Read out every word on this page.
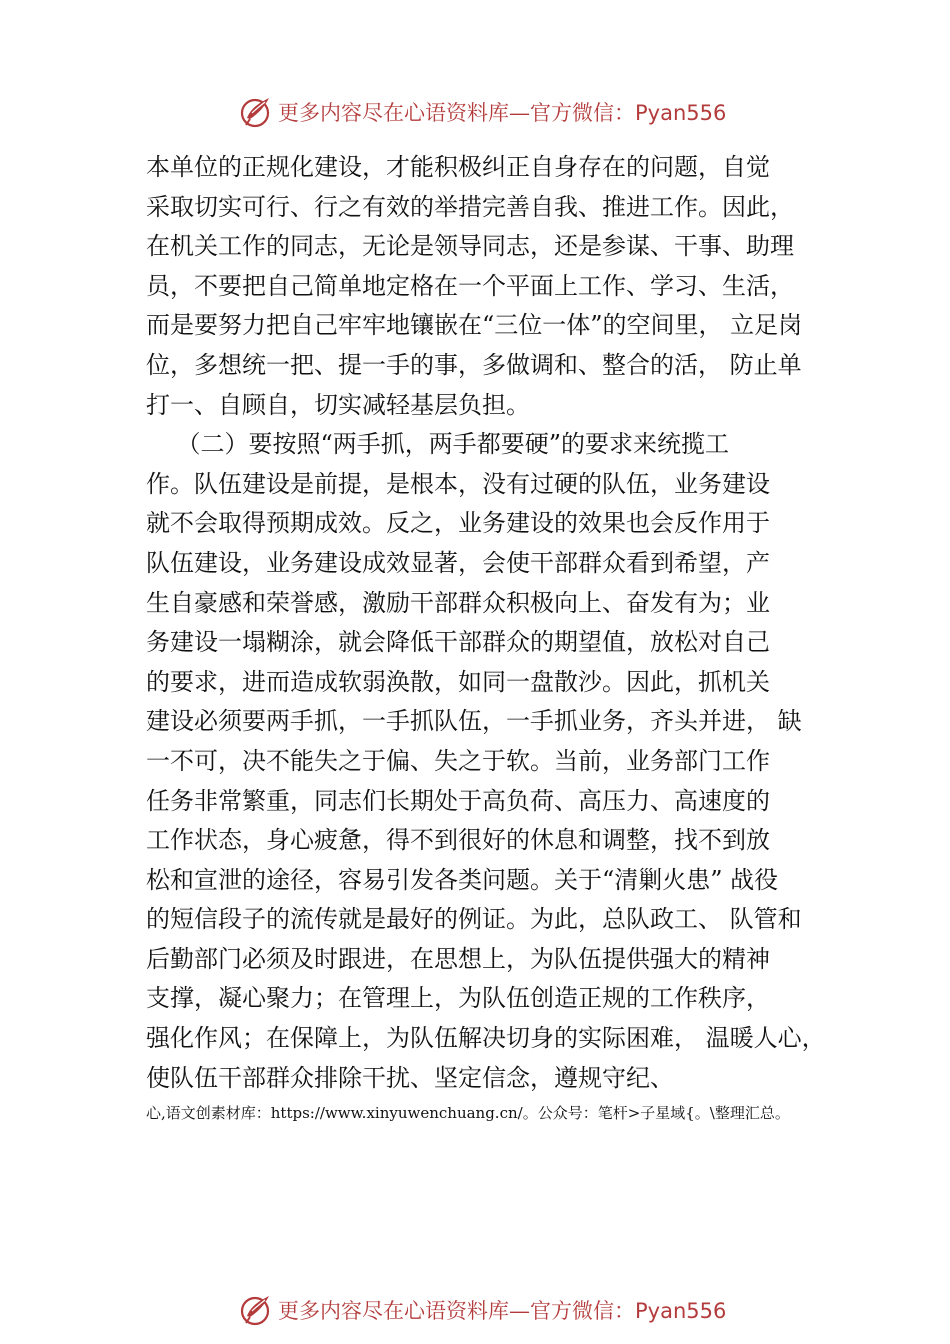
更多内容尽在心语资料库—官方微信：Pyan556
本单位的正规化建设，才能积极纠正自身存在的问题，自觉
采取切实可行、行之有效的举措完善自我、推进工作。因此，
在机关工作的同志，无论是领导同志，还是参谋、干事、助理
员，不要把自己简单地定格在一个平面上工作、学习、生活，
而是要努力把自己牢牢地镶嵌在“三位一体”的空间里， 立足岗
位，多想统一把、提一手的事，多做调和、整合的活， 防止单
打一、自顾自，切实减轻基层负担。
（二）要按照“两手抓，两手都要硬”的要求来统揽工
作。队伍建设是前提，是根本，没有过硬的队伍，业务建设
就不会取得预期成效。反之，业务建设的效果也会反作用于
队伍建设，业务建设成效显著，会使干部群众看到希望，产
生自豪感和荣誉感，激励干部群众积极向上、奋发有为；业
务建设一塌糊涂，就会降低干部群众的期望值，放松对自己
的要求，进而造成软弱涣散，如同一盘散沙。因此，抓机关
建设必须要两手抓，一手抓队伍，一手抓业务，齐头并进， 缺
一不可，决不能失之于偏、失之于软。当前，业务部门工作
任务非常繁重，同志们长期处于高负荷、高压力、高速度的
工作状态，身心疲惫，得不到很好的休息和调整，找不到放
松和宣泄的途径，容易引发各类问题。关于“清剿火患” 战役
的短信段子的流传就是最好的例证。为此，总队政工、 队管和
后勤部门必须及时跟进，在思想上，为队伍提供强大的精神
支撑，凝心聚力；在管理上，为队伍创造正规的工作秩序，
强化作风；在保障上，为队伍解决切身的实际困难， 温暖人心，
使队伍干部群众排除干扰、坚定信念，遵规守纪、
心,语文创素材库：https://www.xinyuwenchuang.cn/。公众号：笔杆>子星域{。\整理汇总。
更多内容尽在心语资料库—官方微信：Pyan556
